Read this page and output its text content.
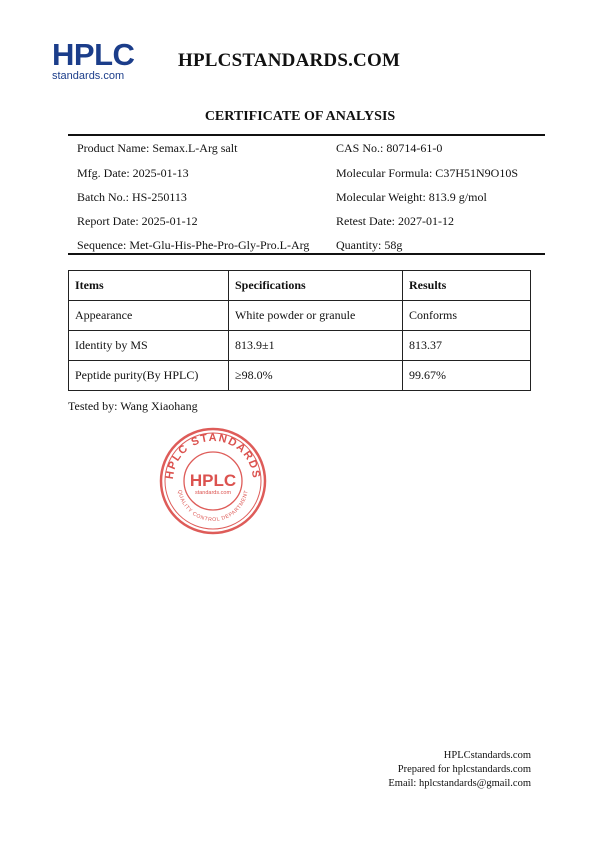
HPLC
standards.com
HPLCSTANDARDS.COM
CERTIFICATE OF ANALYSIS
Product Name: Semax.L-Arg salt	CAS No.: 80714-61-0
Mfg. Date: 2025-01-13	Molecular Formula: C37H51N9O10S
Batch No.: HS-250113	Molecular Weight: 813.9 g/mol
Report Date: 2025-01-12	Retest Date: 2027-01-12
Sequence: Met-Glu-His-Phe-Pro-Gly-Pro.L-Arg Quantity: 58g
Items	Specifications	Results
Appearance	White powder or granule	Conforms
Identity by MS	813.9±1	813.37
Peptide purity(By HPLC)	≥98.0%	99.67%
Tested by: Wang Xiaohang
HPLC STANDARDS
QUALITY CONTROL DEPARTMENT
HPLC
standards.com
HPLCstandards.com
Prepared for hplcstandards.com
Email: hplcstandards@gmail.com
